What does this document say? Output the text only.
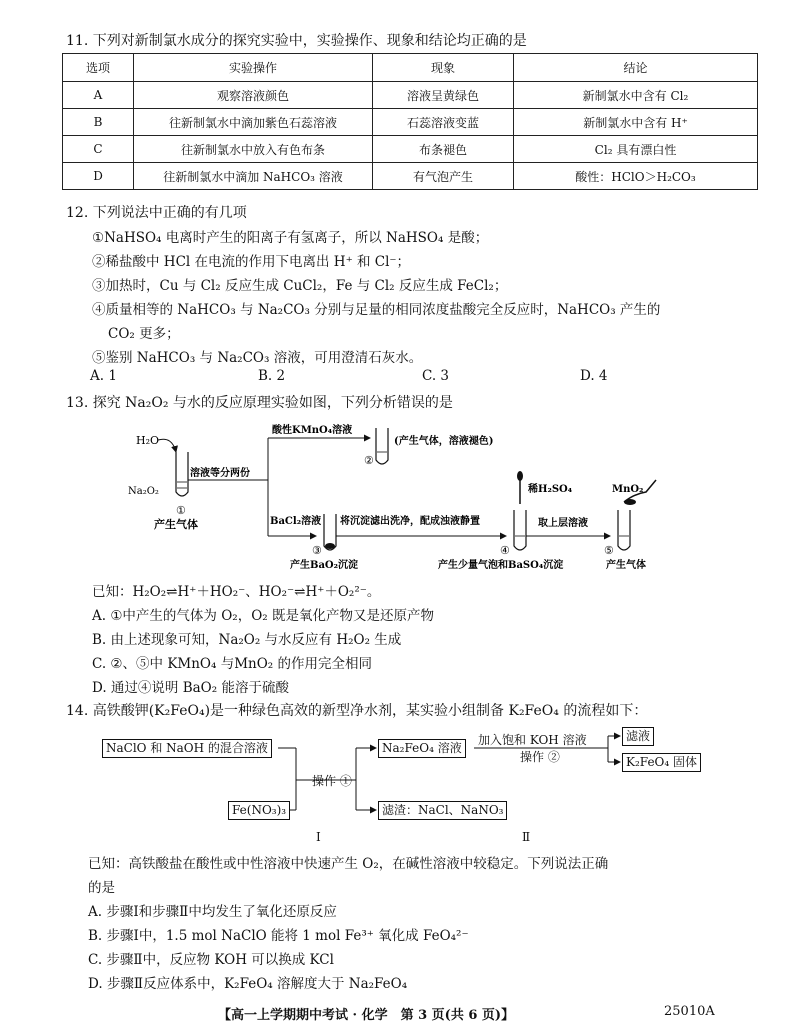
11. 下列对新制氯水成分的探究实验中，实验操作、现象和结论均正确的是
选项	实验操作	现象	结论
A	观察溶液颜色	溶液呈黄绿色	新制氯水中含有 Cl₂
B	往新制氯水中滴加紫色石蕊溶液	石蕊溶液变蓝	新制氯水中含有 H⁺
C	往新制氯水中放入有色布条	布条褪色	Cl₂ 具有漂白性
D	往新制氯水中滴加 NaHCO₃ 溶液	有气泡产生	酸性：HClO＞H₂CO₃
12. 下列说法中正确的有几项
①NaHSO₄ 电离时产生的阳离子有氢离子，所以 NaHSO₄ 是酸；
②稀盐酸中 HCl 在电流的作用下电离出 H⁺ 和 Cl⁻；
③加热时，Cu 与 Cl₂ 反应生成 CuCl₂，Fe 与 Cl₂ 反应生成 FeCl₂；
④质量相等的 NaHCO₃ 与 Na₂CO₃ 分别与足量的相同浓度盐酸完全反应时，NaHCO₃ 产生的
CO₂ 更多；
⑤鉴别 NaHCO₃ 与 Na₂CO₃ 溶液，可用澄清石灰水。
A. 1	B. 2	C. 3	D. 4
13. 探究 Na₂O₂ 与水的反应原理实验如图，下列分析错误的是
H₂O
Na₂O₂
①
产生气体
溶液等分两份
酸性KMnO₄溶液
②
(产生气体，溶液褪色)
BaCl₂溶液
③
产生BaO₂沉淀
将沉淀滤出洗净，配成浊液静置
稀H₂SO₄
④
产生少量气泡和BaSO₄沉淀
取上层溶液
MnO₂
⑤
产生气体
已知：H₂O₂⇌H⁺＋HO₂⁻、HO₂⁻⇌H⁺＋O₂²⁻。
A. ①中产生的气体为 O₂，O₂ 既是氧化产物又是还原产物
B. 由上述现象可知，Na₂O₂ 与水反应有 H₂O₂ 生成
C. ②、⑤中 KMnO₄ 与MnO₂ 的作用完全相同
D. 通过④说明 BaO₂ 能溶于硫酸
14. 高铁酸钾(K₂FeO₄)是一种绿色高效的新型净水剂，某实验小组制备 K₂FeO₄ 的流程如下：
NaClO 和 NaOH 的混合溶液
Fe(NO₃)₃
操作 ①
Na₂FeO₄ 溶液
滤渣：NaCl、NaNO₃
加入饱和 KOH 溶液
操作 ②
滤液
K₂FeO₄ 固体
Ⅰ	Ⅱ
已知：高铁酸盐在酸性或中性溶液中快速产生 O₂，在碱性溶液中较稳定。下列说法正确
的是
A. 步骤Ⅰ和步骤Ⅱ中均发生了氧化还原反应
B. 步骤Ⅰ中，1.5 mol NaClO 能将 1 mol Fe³⁺ 氧化成 FeO₄²⁻
C. 步骤Ⅱ中，反应物 KOH 可以换成 KCl
D. 步骤Ⅱ反应体系中，K₂FeO₄ 溶解度大于 Na₂FeO₄
【高一上学期期中考试 · 化学　第 3 页(共 6 页)】	25010A
